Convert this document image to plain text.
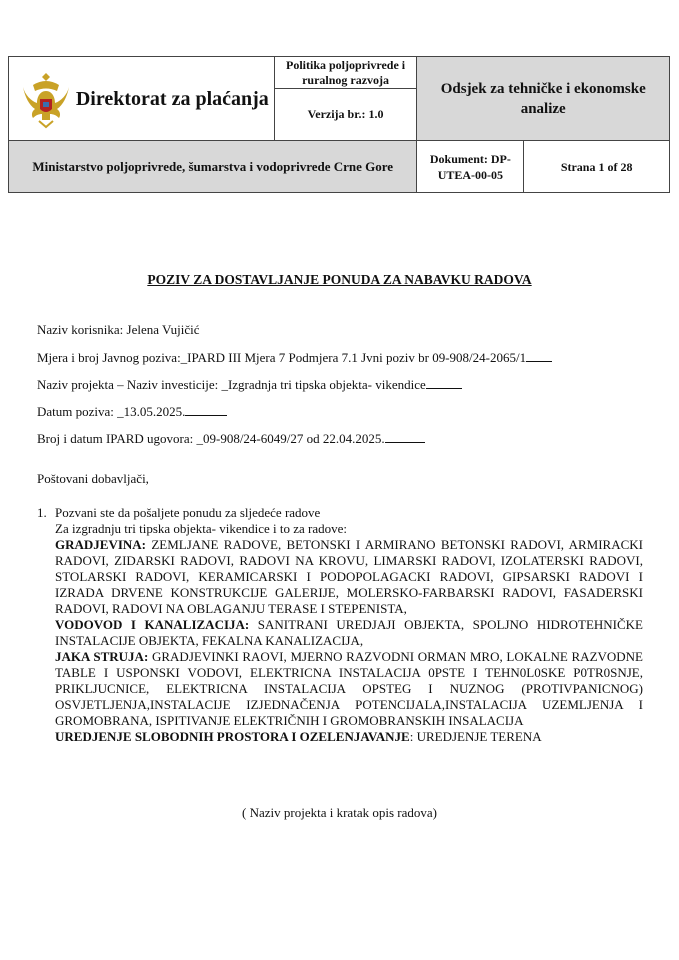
Direktorat za plaćanja	Politika poljoprivrede i ruralnog razvoja	Odsjek za tehničke i ekonomske analize	
	Verzija br.: 1.0		
Ministarstvo poljoprivrede, šumarstva i vodoprivrede Crne Gore		Dokument: DP-UTEA-00-05	Strana 1 of 28
POZIV ZA DOSTAVLJANJE PONUDA ZA NABAVKU RADOVA
Naziv korisnika: Jelena Vujičić
Mjera i broj Javnog poziva:_IPARD III Mjera 7 Podmjera 7.1 Jvni poziv br 09-908/24-2065/1
Naziv projekta – Naziv investicije: _Izgradnja tri tipska objekta- vikendice
Datum poziva: _13.05.2025.
Broj i datum IPARD ugovora: _09-908/24-6049/27 od 22.04.2025.
Poštovani dobavljači,
1. Pozvani ste da pošaljete ponudu za sljedeće radove
Za izgradnju tri tipska objekta- vikendice i to za radove:
GRADJEVINA: ZEMLJANE RADOVE, BETONSKI I ARMIRANO BETONSKI RADOVI, ARMIRACKI RADOVI, ZIDARSKI RADOVI, RADOVI NA KROVU, LIMARSKI RADOVI, IZOLATERSKI RADOVI, STOLARSKI RADOVI, KERAMICARSKI I PODOPOLAGACKI RADOVI, GIPSARSKI RADOVI I IZRADA DRVENE KONSTRUKCIJE GALERIJE, MOLERSKO-FARBARSKI RADOVI, FASADERSKI RADOVI, RADOVI NA OBLAGANJU TERASE I STEPENISTA,
VODOVOD I KANALIZACIJA: SANITRANI UREDJAJI OBJEKTA, SPOLJNO HIDROTEHNIČKE INSTALACIJE OBJEKTA, FEKALNA KANALIZACIJA,
JAKA STRUJA: GRADJEVINKI RAOVI, MJERNO RAZVODNI ORMAN MRO, LOKALNE RAZVODNE TABLE I USPONSKI VODOVI, ELEKTRICNA INSTALACIJA 0PSTE I TEHN0L0SKE P0TR0SNJE, PRIKLJUCNICE, ELEKTRICNA INSTALACIJA OPSTEG I NUZNOG (PROTIVPANICNOG) OSVJETLJENJA,INSTALACIJE IZJEDNAČENJA POTENCIJALA,INSTALACIJA UZEMLJENJA I GROMOBRANA, ISPITIVANJE ELEKTRIČNIH I GROMOBRANSKIH INSALACIJA
UREDJENJE SLOBODNIH PROSTORA I OZELENJAVANJE: UREDJENJE TERENA
( Naziv projekta i kratak opis radova)
